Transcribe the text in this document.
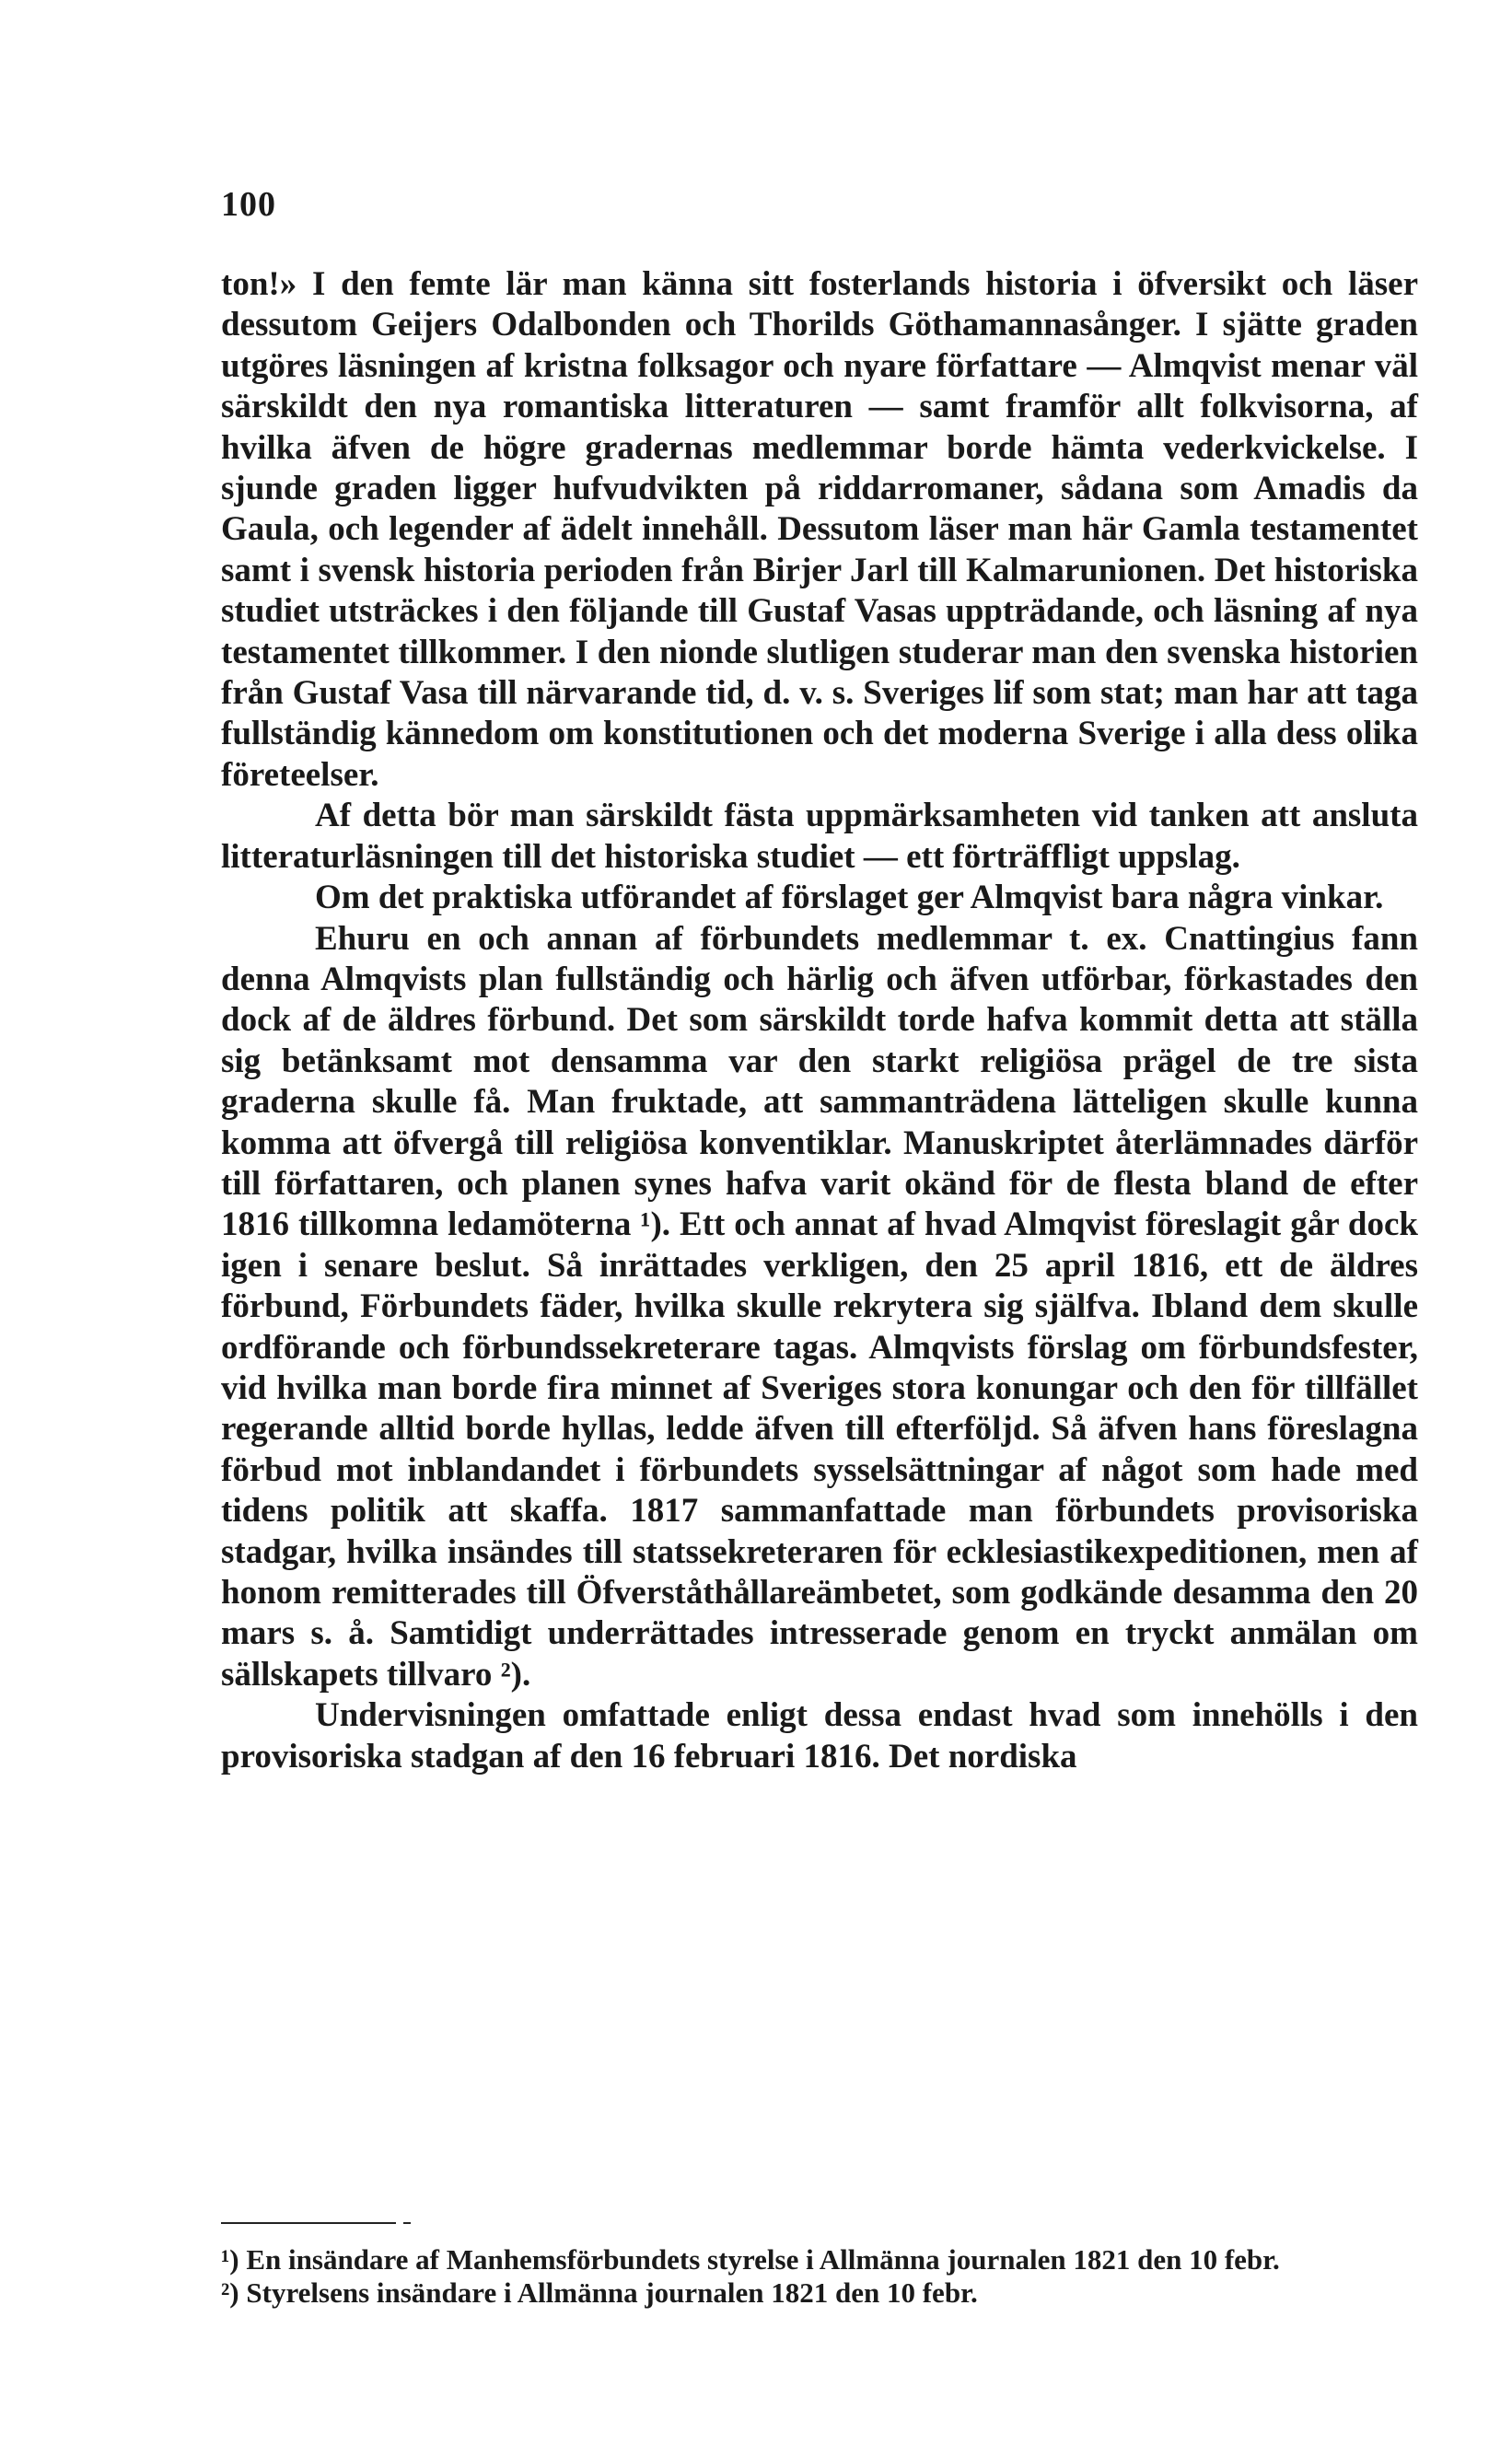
100

ton!» I den femte lär man känna sitt fosterlands historia i öfversikt och läser dessutom Geijers Odalbonden och Thorilds Göthamannasånger. I sjätte graden utgöres läsningen af kristna folksagor och nyare författare — Almqvist menar väl särskildt den nya romantiska litteraturen — samt framför allt folkvisorna, af hvilka äfven de högre gradernas medlemmar borde hämta vederkvickelse. I sjunde graden ligger hufvudvikten på riddarromaner, sådana som Amadis da Gaula, och legender af ädelt innehåll. Dessutom läser man här Gamla testamentet samt i svensk historia perioden från Birjer Jarl till Kalmarunionen. Det historiska studiet utsträckes i den följande till Gustaf Vasas uppträdande, och läsning af nya testamentet tillkommer. I den nionde slutligen studerar man den svenska historien från Gustaf Vasa till närvarande tid, d. v. s. Sveriges lif som stat; man har att taga fullständig kännedom om konstitutionen och det moderna Sverige i alla dess olika företeelser.

Af detta bör man särskildt fästa uppmärksamheten vid tanken att ansluta litteraturläsningen till det historiska studiet — ett förträffligt uppslag.

Om det praktiska utförandet af förslaget ger Almqvist bara några vinkar.

Ehuru en och annan af förbundets medlemmar t. ex. Cnattingius fann denna Almqvists plan fullständig och härlig och äfven utförbar, förkastades den dock af de äldres förbund. Det som särskildt torde hafva kommit detta att ställa sig betänksamt mot densamma var den starkt religiösa prägel de tre sista graderna skulle få. Man fruktade, att sammanträdena lätteligen skulle kunna komma att öfvergå till religiösa konventiklar. Manuskriptet återlämnades därför till författaren, och planen synes hafva varit okänd för de flesta bland de efter 1816 tillkomna ledamöterna ¹). Ett och annat af hvad Almqvist föreslagit går dock igen i senare beslut. Så inrättades verkligen, den 25 april 1816, ett de äldres förbund, Förbundets fäder, hvilka skulle rekrytera sig själfva. Ibland dem skulle ordförande och förbundssekreterare tagas. Almqvists förslag om förbundsfester, vid hvilka man borde fira minnet af Sveriges stora konungar och den för tillfället regerande alltid borde hyllas, ledde äfven till efterföljd. Så äfven hans föreslagna förbud mot inblandandet i förbundets sysselsättningar af något som hade med tidens politik att skaffa. 1817 sammanfattade man förbundets provisoriska stadgar, hvilka insändes till statssekreteraren för ecklesiastikexpeditionen, men af honom remitterades till Öfverståthållareämbetet, som godkände desamma den 20 mars s. å. Samtidigt underrättades intresserade genom en tryckt anmälan om sällskapets tillvaro ²).

Undervisningen omfattade enligt dessa endast hvad som innehölls i den provisoriska stadgan af den 16 februari 1816. Det nordiska

¹) En insändare af Manhemsförbundets styrelse i Allmänna journalen 1821 den 10 febr.

²) Styrelsens insändare i Allmänna journalen 1821 den 10 febr.
